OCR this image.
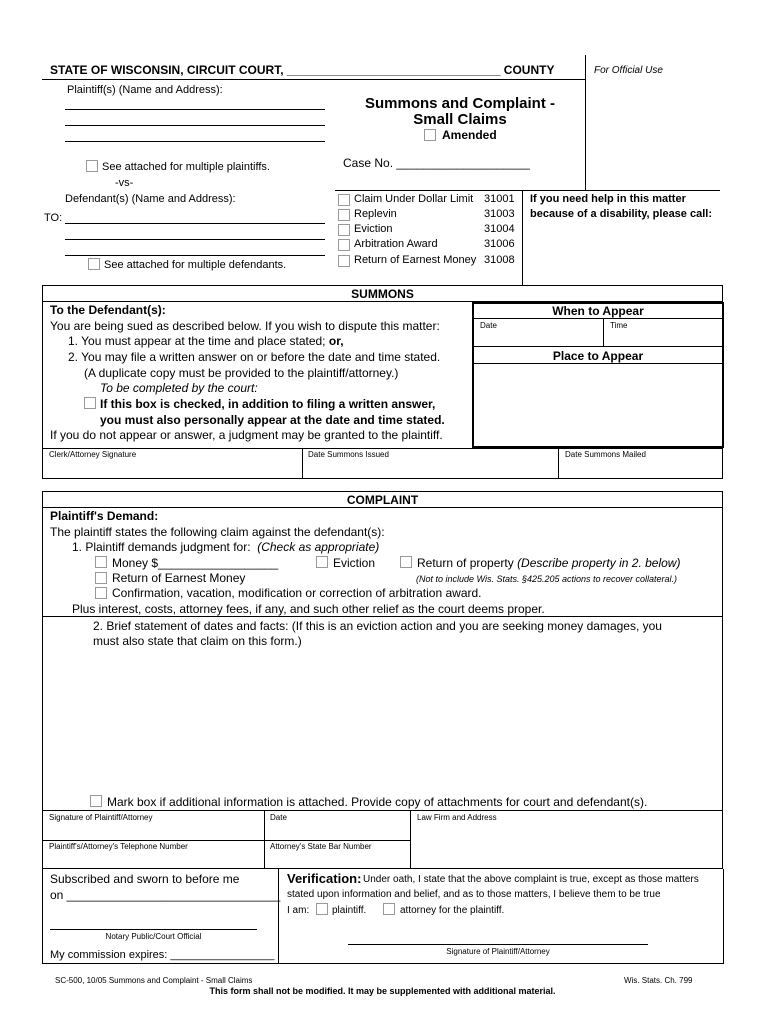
STATE OF WISCONSIN, CIRCUIT COURT, ________________________________ COUNTY	For Official Use
Plaintiff(s) (Name and Address):
Summons and Complaint -
Small Claims
Amended
See attached for multiple plaintiffs.	Case No. ____________________
-vs-
Defendant(s) (Name and Address):
TO:
See attached for multiple defendants.
Claim Under Dollar Limit 31001
Replevin	31003
Eviction	31004
Arbitration Award	31006
Return of Earnest Money 31008
If you need help in this matter
because of a disability, please call:
SUMMONS
To the Defendant(s):
You are being sued as described below. If you wish to dispute this matter:
1. You must appear at the time and place stated; or,
2. You may file a written answer on or before the date and time stated.
(A duplicate copy must be provided to the plaintiff/attorney.)
To be completed by the court:
If this box is checked, in addition to filing a written answer,
you must also personally appear at the date and time stated.
If you do not appear or answer, a judgment may be granted to the plaintiff.
When to Appear
Date	Time
Place to Appear
Clerk/Attorney Signature	Date Summons Issued	Date Summons Mailed
COMPLAINT
Plaintiff's Demand:
The plaintiff states the following claim against the defendant(s):
1. Plaintiff demands judgment for: (Check as appropriate)
Money $__________________	Eviction	Return of property (Describe property in 2. below)
Return of Earnest Money	(Not to include Wis. Stats. §425.205 actions to recover collateral.)
Confirmation, vacation, modification or correction of arbitration award.
Plus interest, costs, attorney fees, if any, and such other relief as the court deems proper.
2. Brief statement of dates and facts: (If this is an eviction action and you are seeking money damages, you
must also state that claim on this form.)
Mark box if additional information is attached. Provide copy of attachments for court and defendant(s).
Signature of Plaintiff/Attorney	Date	Law Firm and Address
Plaintiff's/Attorney's Telephone Number	Attorney's State Bar Number
Subscribed and sworn to before me
on ________________________________
Notary Public/Court Official
My commission expires: _________________
Verification: Under oath, I state that the above complaint is true, except as those matters
stated upon information and belief, and as to those matters, I believe them to be true
I am: plaintiff.	attorney for the plaintiff.
Signature of Plaintiff/Attorney
SC-500, 10/05 Summons and Complaint - Small Claims	Wis. Stats. Ch. 799
This form shall not be modified. It may be supplemented with additional material.
